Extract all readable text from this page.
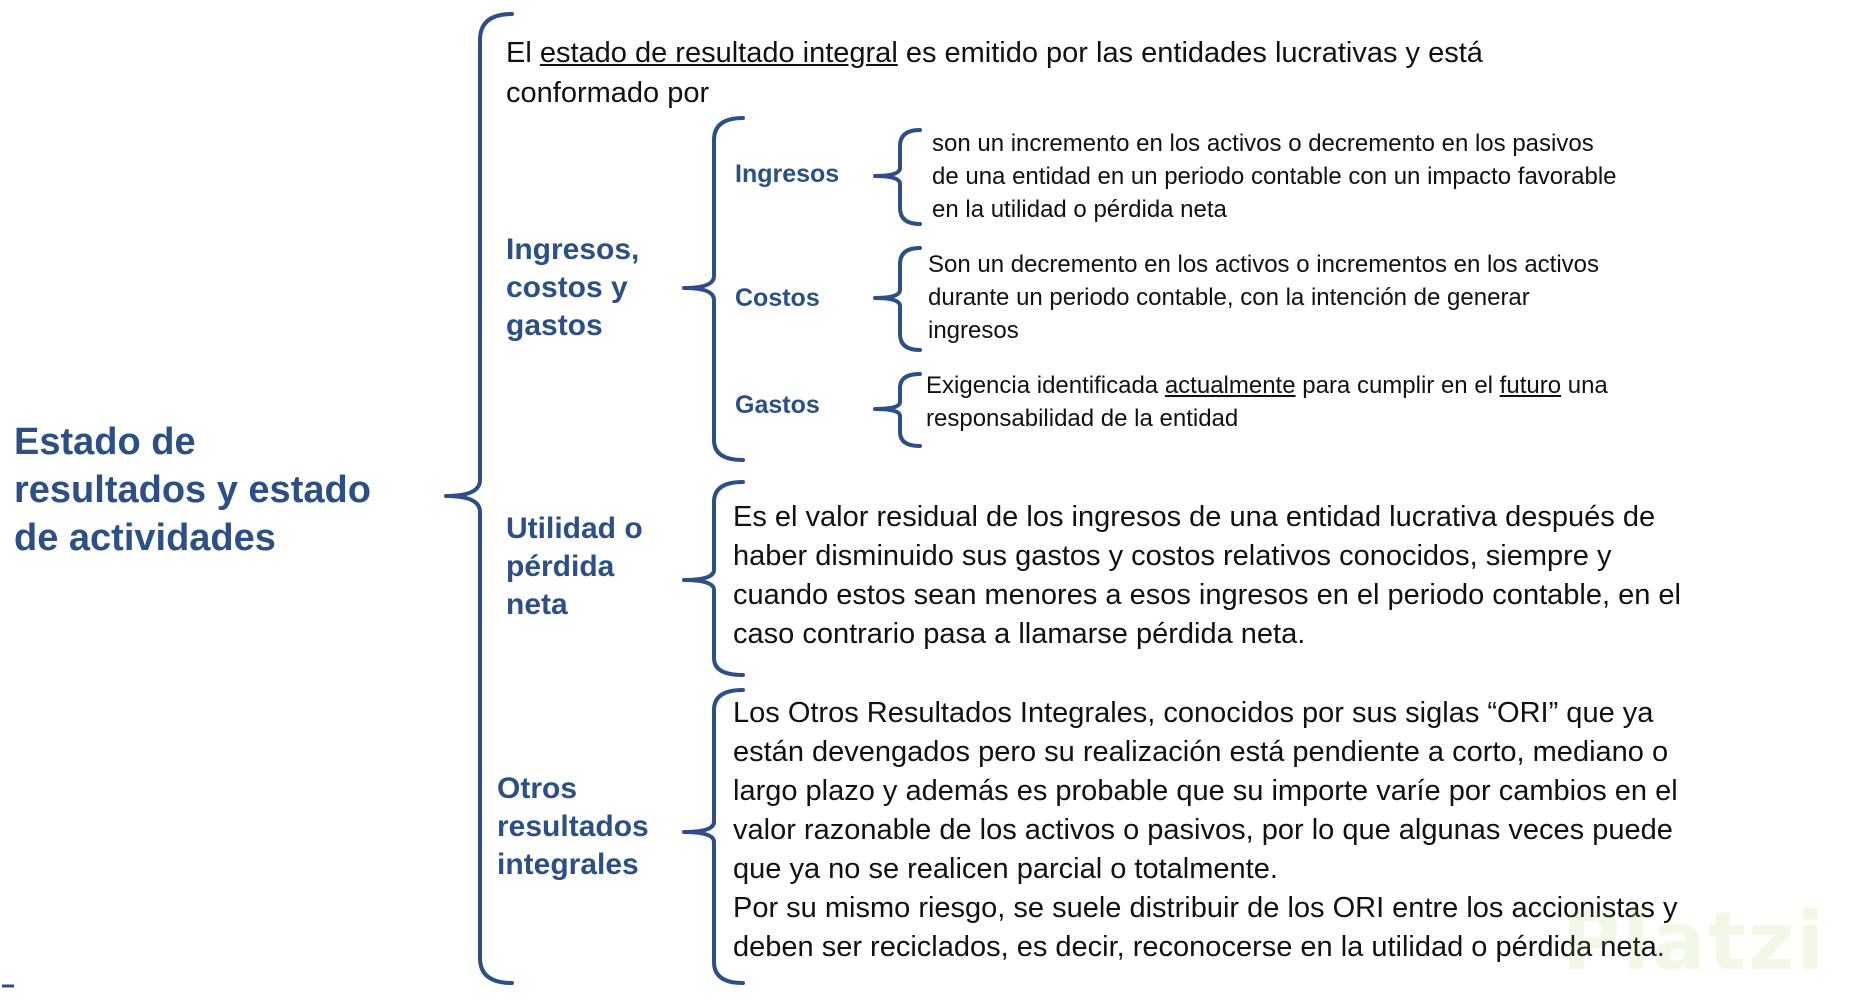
Estado de
resultados y estado
de actividades
El estado de resultado integral es emitido por las entidades lucrativas y está
conformado por
Ingresos,
costos y
gastos
Ingresos
Costos
Gastos
son un incremento en los activos o decremento en los pasivos
de una entidad en un periodo contable con un impacto favorable
en la utilidad o pérdida neta
Son un decremento en los activos o incrementos en los activos
durante un periodo contable, con la intención de generar
ingresos
Exigencia identificada actualmente para cumplir en el futuro una
responsabilidad de la entidad
Utilidad o
pérdida
neta
Es el valor residual de los ingresos de una entidad lucrativa después de
haber disminuido sus gastos y costos relativos conocidos, siempre y
cuando estos sean menores a esos ingresos en el periodo contable, en el
caso contrario pasa a llamarse pérdida neta.
Otros
resultados
integrales
Los Otros Resultados Integrales, conocidos por sus siglas “ORI” que ya
están devengados pero su realización está pendiente a corto, mediano o
largo plazo y además es probable que su importe varíe por cambios en el
valor razonable de los activos o pasivos, por lo que algunas veces puede
que ya no se realicen parcial o totalmente.
Por su mismo riesgo, se suele distribuir de los ORI entre los accionistas y
deben ser reciclados, es decir, reconocerse en la utilidad o pérdida neta.
Platzi
